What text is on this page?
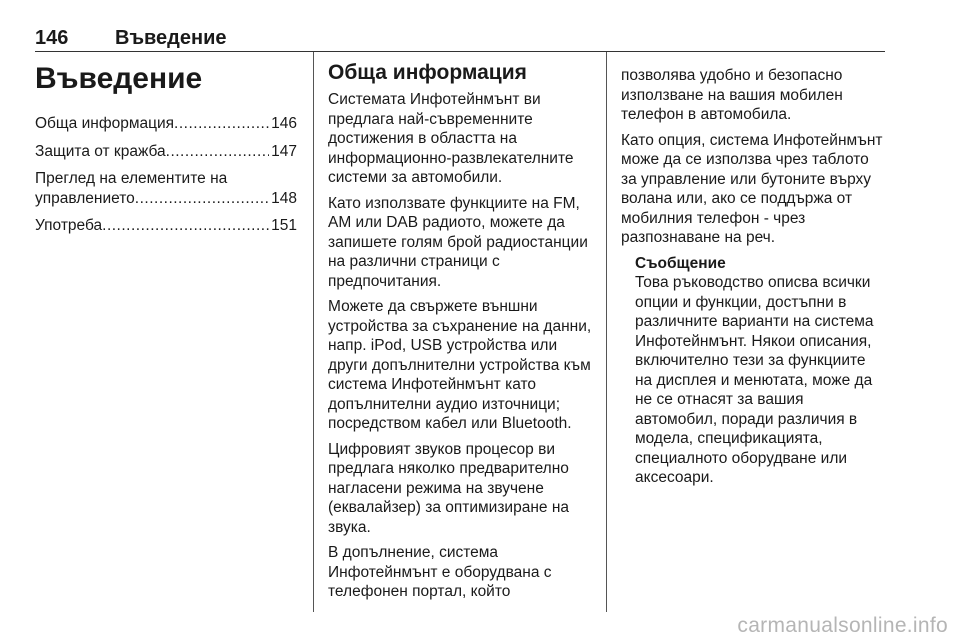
146 Въведение
Въведение
Обща информация .....	146
Защита от кражба .....	147
Преглед на елементите на
управлението .....	148
Употреба .....	151
Обща информация

Системата Инфотейнмънт ви предлага най-съвременните достижения в областта на информационно-развлекателните системи за автомобили.

Като използвате функциите на FM, AM или DAB радиото, можете да запишете голям брой радиостанции на различни страници с предпочитания.

Можете да свържете външни устройства за съхранение на данни, напр. iPod, USB устройства или други допълнителни устройства към система Инфотейнмънт като допълнителни аудио източници; посредством кабел или Bluetooth.

Цифровият звуков процесор ви предлага няколко предварително нагласени режима на звучене (еквалайзер) за оптимизиране на звука.

В допълнение, система Инфотейнмънт е оборудвана с телефонен портал, който

позволява удобно и безопасно използване на вашия мобилен телефон в автомобила.

Като опция, система Инфотейнмънт може да се използва чрез таблото за управление или бутоните върху волана или, ако се поддържа от мобилния телефон - чрез разпознаване на реч.

Съобщение
Това ръководство описва всички опции и функции, достъпни в различните варианти на система Инфотейнмънт. Някои описания, включително тези за функциите на дисплея и менютата, може да не се отнасят за вашия автомобил, поради различия в модела, спецификацията, специалното оборудване или аксесоари.
carmanualsonline.info
